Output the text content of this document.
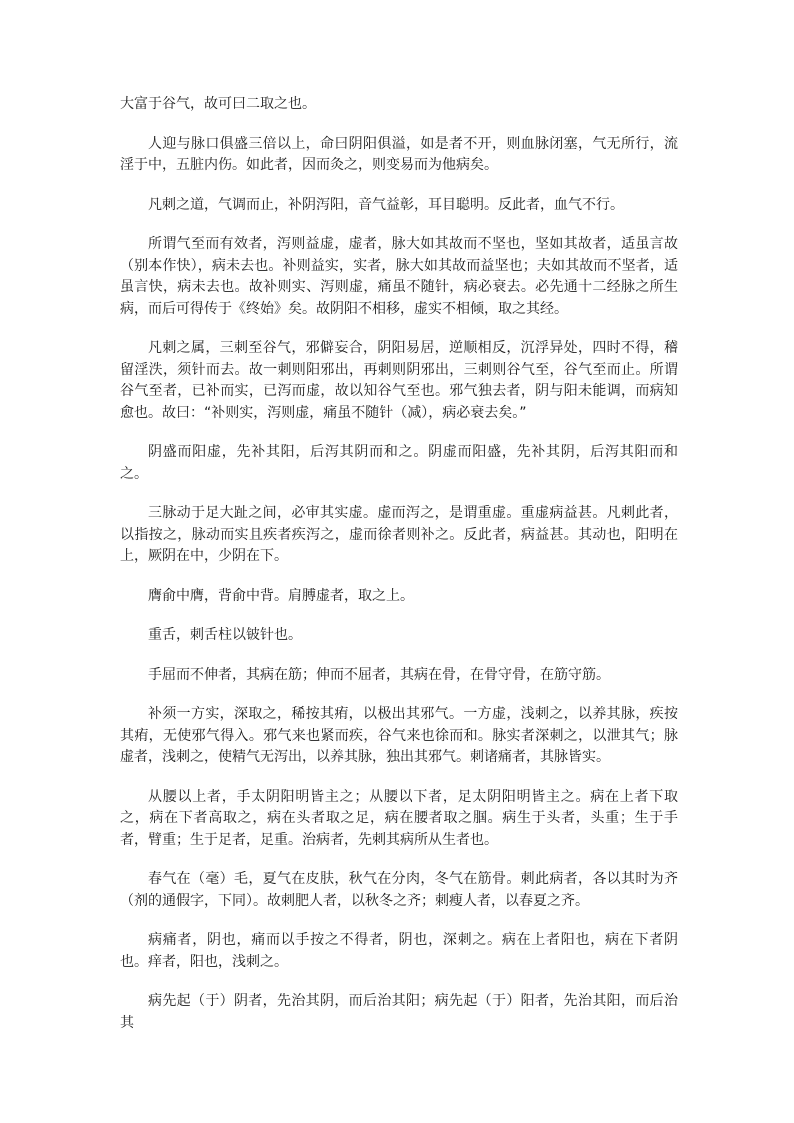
大富于谷气，故可曰二取之也。

人迎与脉口俱盛三倍以上，命曰阴阳俱溢，如是者不开，则血脉闭塞，气无所行，流淫于中，五脏内伤。如此者，因而灸之，则变易而为他病矣。

凡刺之道，气调而止，补阴泻阳，音气益彰，耳目聪明。反此者，血气不行。

所谓气至而有效者，泻则益虚，虚者，脉大如其故而不坚也，坚如其故者，适虽言故（别本作快），病未去也。补则益实，实者，脉大如其故而益坚也；夫如其故而不坚者，适虽言快，病未去也。故补则实、泻则虚，痛虽不随针，病必衰去。必先通十二经脉之所生病，而后可得传于《终始》矣。故阴阳不相移，虚实不相倾，取之其经。

凡刺之属，三刺至谷气，邪僻妄合，阴阳易居，逆顺相反，沉浮异处，四时不得，稽留淫泆，须针而去。故一刺则阳邪出，再刺则阴邪出，三刺则谷气至，谷气至而止。所谓谷气至者，已补而实，已泻而虚，故以知谷气至也。邪气独去者，阴与阳未能调，而病知愈也。故曰：“补则实，泻则虚，痛虽不随针（减），病必衰去矣。”

阴盛而阳虚，先补其阳，后泻其阴而和之。阴虚而阳盛，先补其阴，后泻其阳而和之。

三脉动于足大趾之间，必审其实虚。虚而泻之，是谓重虚。重虚病益甚。凡刺此者，以指按之，脉动而实且疾者疾泻之，虚而徐者则补之。反此者，病益甚。其动也，阳明在上，厥阴在中，少阴在下。

膺俞中膺，背俞中背。肩膊虚者，取之上。

重舌，刺舌柱以铍针也。

手屈而不伸者，其病在筋；伸而不屈者，其病在骨，在骨守骨，在筋守筋。

补须一方实，深取之，稀按其痏，以极出其邪气。一方虚，浅刺之，以养其脉，疾按其痏，无使邪气得入。邪气来也紧而疾，谷气来也徐而和。脉实者深刺之，以泄其气；脉虚者，浅刺之，使精气无泻出，以养其脉，独出其邪气。刺诸痛者，其脉皆实。

从腰以上者，手太阴阳明皆主之；从腰以下者，足太阴阳明皆主之。病在上者下取之，病在下者高取之，病在头者取之足，病在腰者取之腘。病生于头者，头重；生于手者，臂重；生于足者，足重。治病者，先刺其病所从生者也。

春气在（毫）毛，夏气在皮肤，秋气在分肉，冬气在筋骨。刺此病者，各以其时为齐（剂的通假字，下同）。故刺肥人者，以秋冬之齐；刺瘦人者，以春夏之齐。

病痛者，阴也，痛而以手按之不得者，阴也，深刺之。病在上者阳也，病在下者阴也。痒者，阳也，浅刺之。

病先起（于）阴者，先治其阴，而后治其阳；病先起（于）阳者，先治其阳，而后治其
